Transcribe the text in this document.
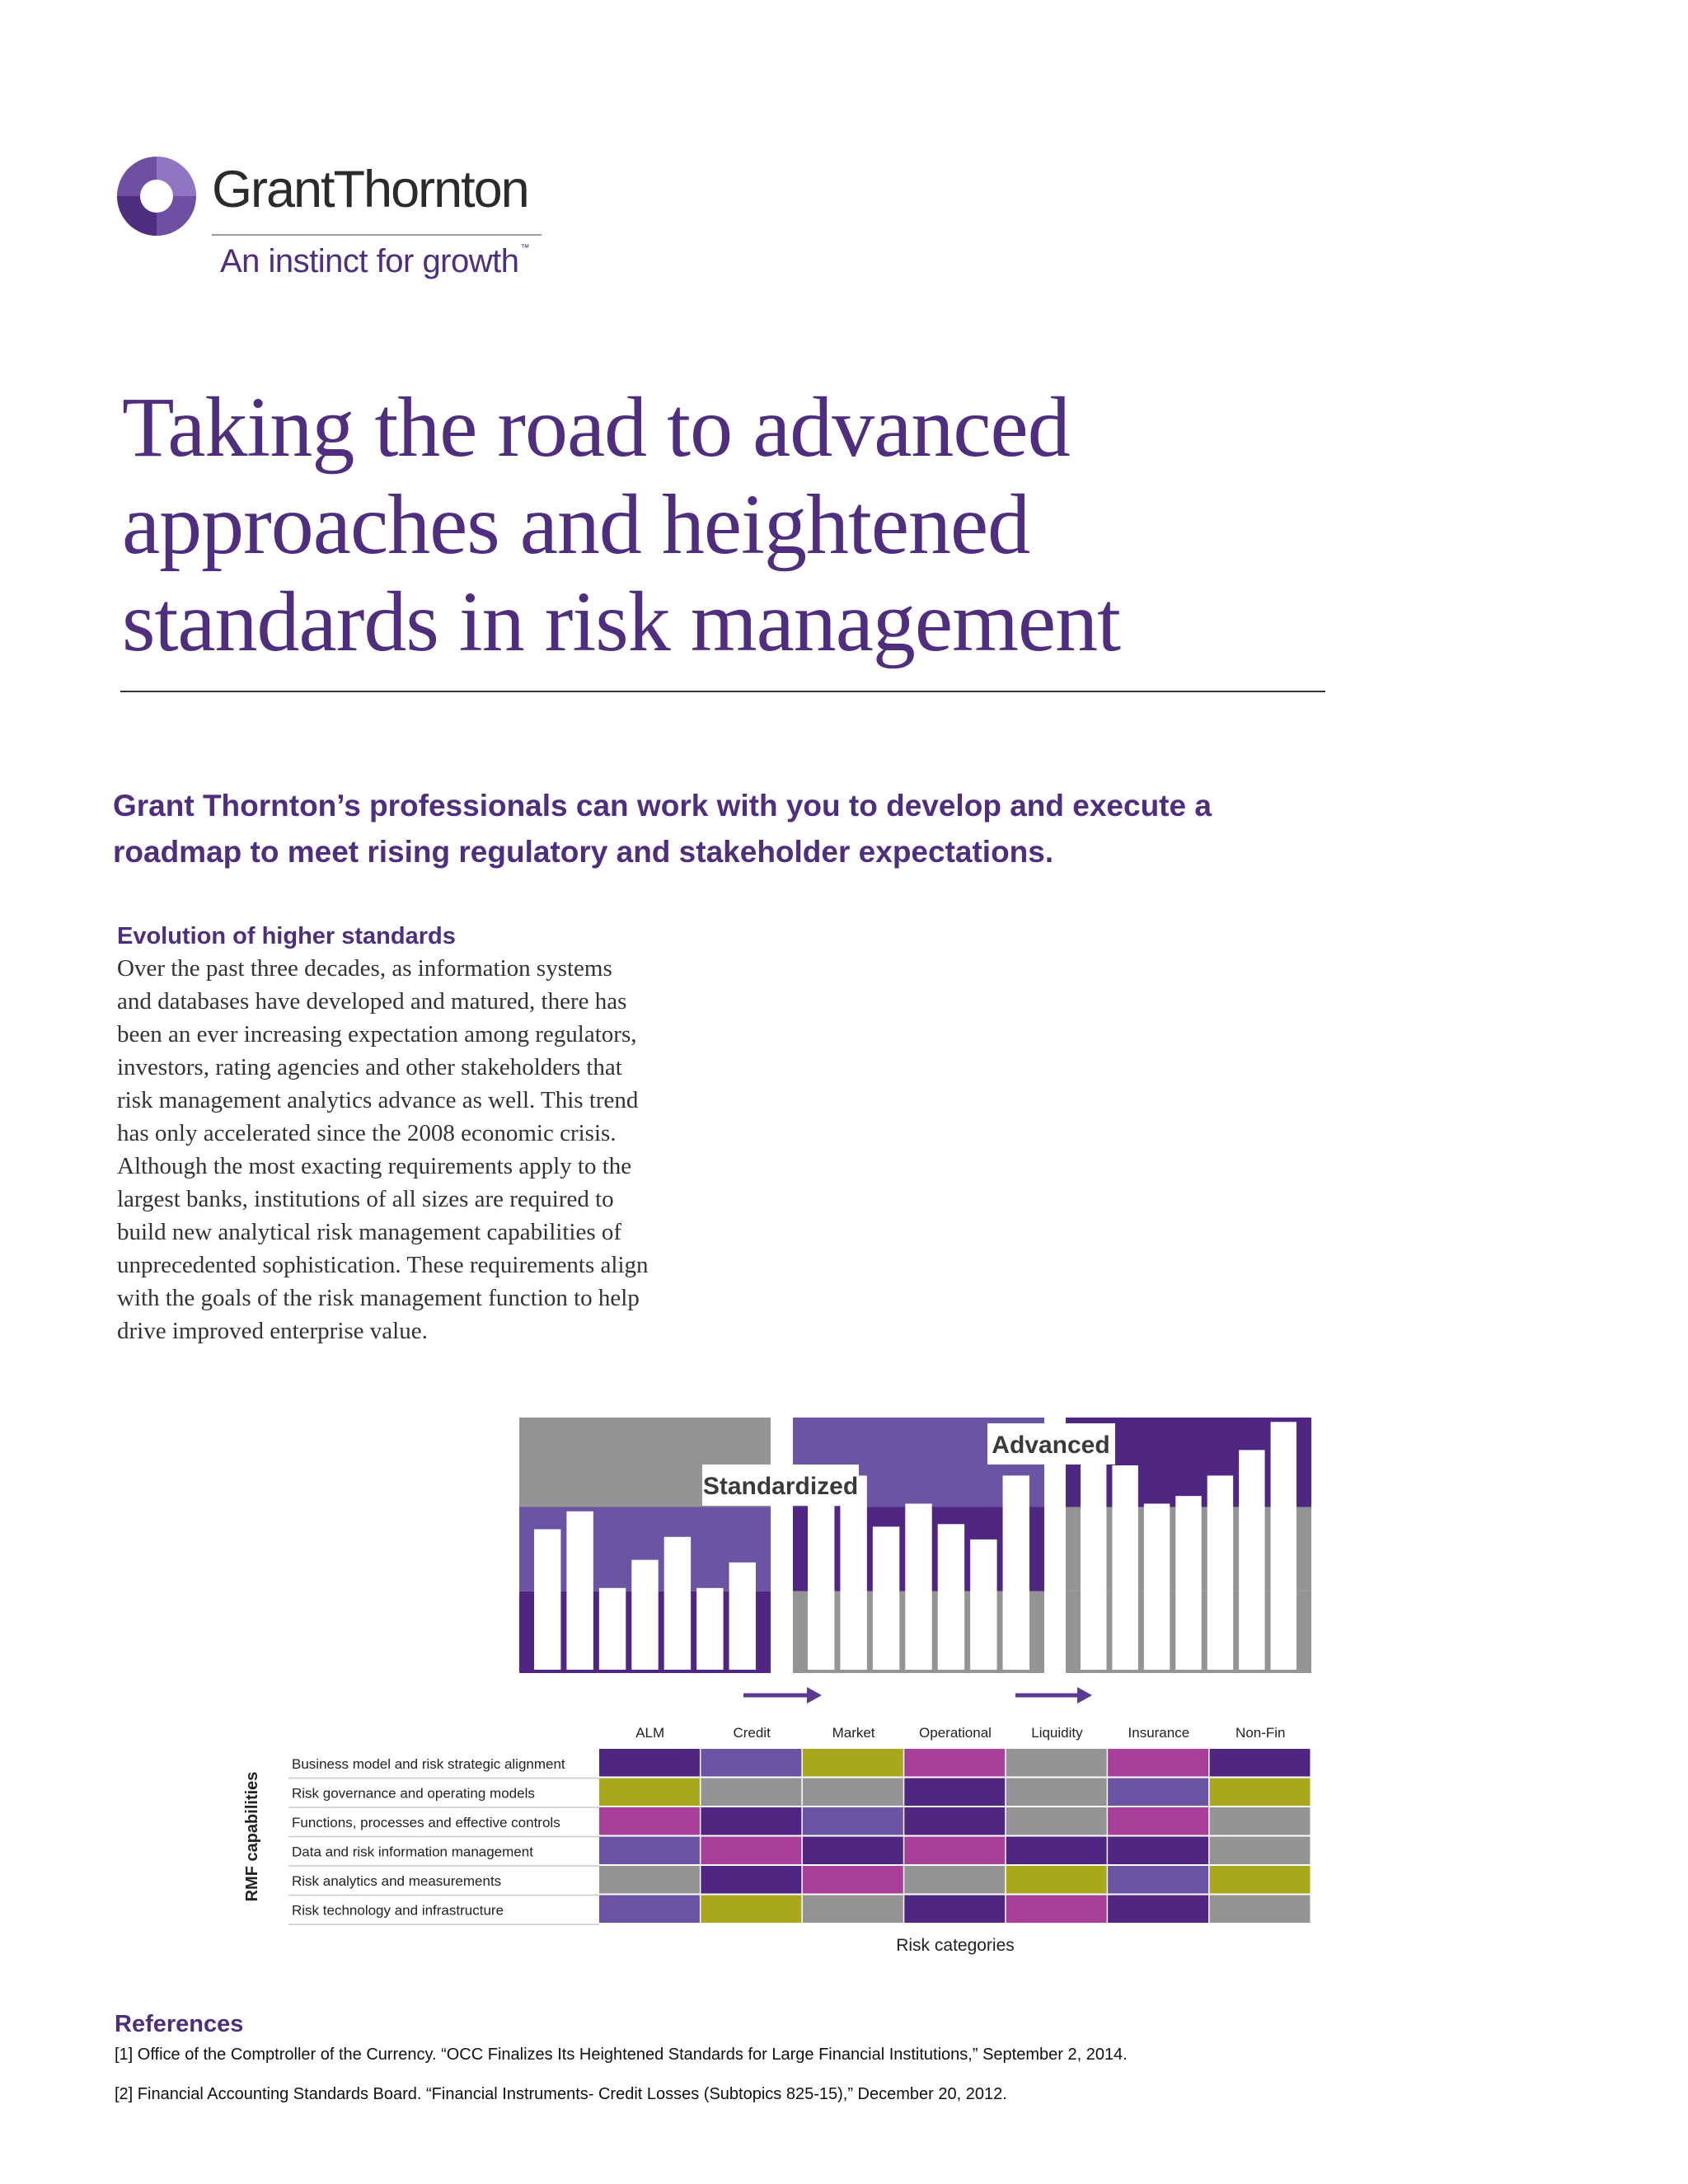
GrantThornton
An instinct for growth ™
Taking the road to advanced
approaches and heightened
standards in risk management

Grant Thornton’s professionals can work with you to develop and execute a
roadmap to meet rising regulatory and stakeholder expectations.

Evolution of higher standards

Over the past three decades, as information systems
and databases have developed and matured, there has
been an ever increasing expectation among regulators,
investors, rating agencies and other stakeholders that
risk management analytics advance as well. This trend
has only accelerated since the 2008 economic crisis.
Although the most exacting requirements apply to the
largest banks, institutions of all sizes are required to
build new analytical risk management capabilities of
unprecedented sophistication. These requirements align
with the goals of the risk management function to help
drive improved enterprise value.

ALM	Credit	Market	Operational	Liquidity	Insurance	Non-Fin
Business model and risk strategic alignment
Risk governance and operating models
Functions, processes and effective controls
Data and risk information management
Risk analytics and measurements
Risk technology and infrastructure
RMF capabilities
Risk categories
Standardized
Advanced
References

[1] Office of the Comptroller of the Currency. “OCC Finalizes Its Heightened Standards for Large Financial Institutions,” September 2, 2014.

[2] Financial Accounting Standards Board. “Financial Instruments- Credit Losses (Subtopics 825-15),” December 20, 2012.
